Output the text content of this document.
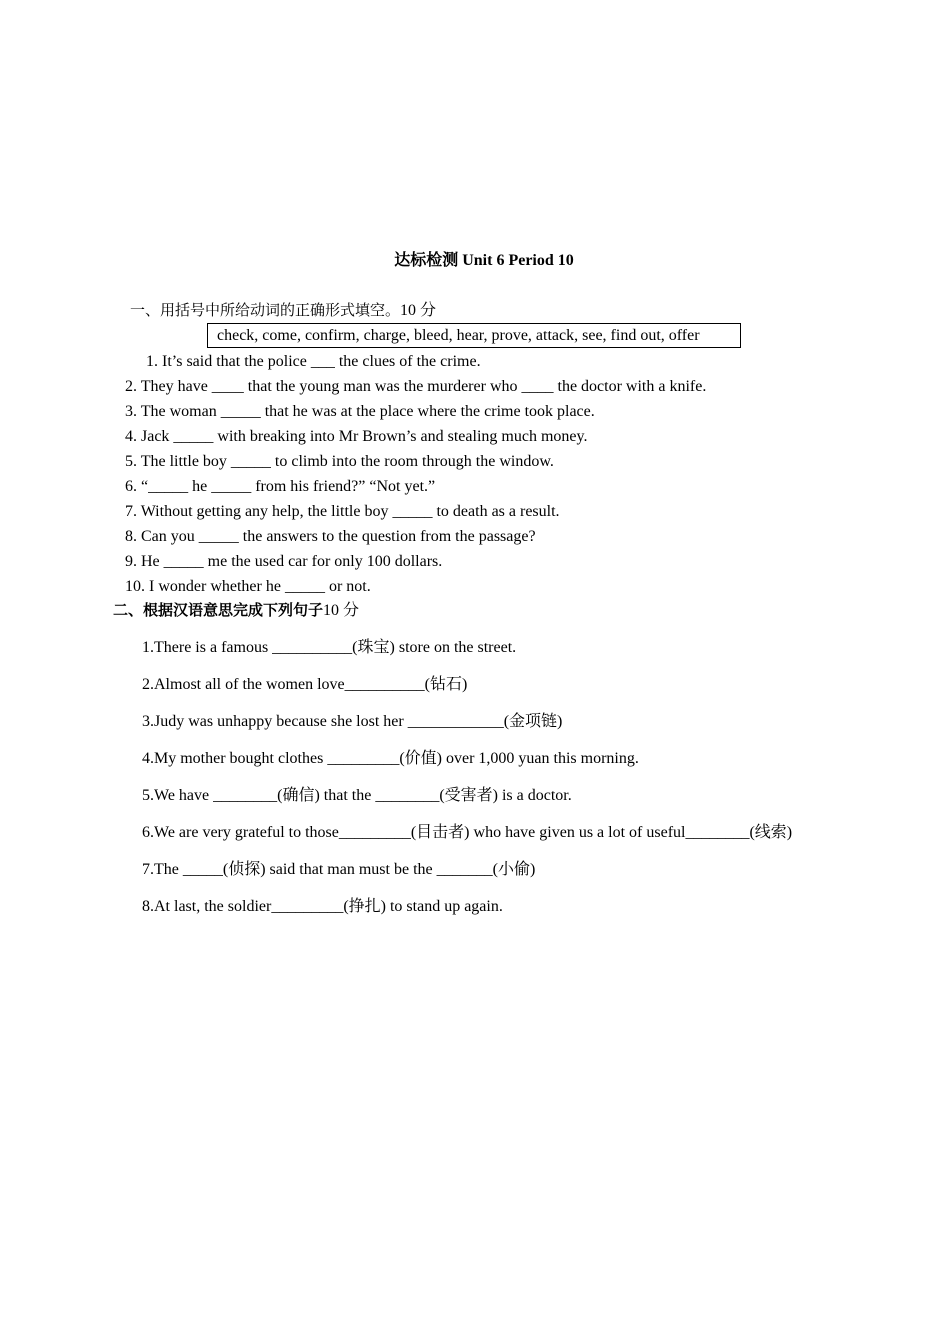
达标检测 Unit 6 Period 10
一、用括号中所给动词的正确形式填空。10 分
check, come, confirm, charge, bleed, hear, prove, attack, see, find out, offer
1. It’s said that the police ___ the clues of the crime.
2. They have ____ that the young man was the murderer who ____ the doctor with a knife.
3. The woman _____ that he was at the place where the crime took place.
4. Jack _____ with breaking into Mr Brown’s and stealing much money.
5. The little boy _____ to climb into the room through the window.
6. “_____ he _____ from his friend?” “Not yet.”
7. Without getting any help, the little boy _____ to death as a result.
8. Can you _____ the answers to the question from the passage?
9. He _____ me the used car for only 100 dollars.
10. I wonder whether he _____ or not.
二、根据汉语意思完成下列句子10 分
1.There is a famous __________(珠宝) store on the street.
2.Almost all of the women love__________(钻石)
3.Judy was unhappy because she lost her ____________(金项链)
4.My mother bought clothes _________(价值) over 1,000 yuan this morning.
5.We have ________(确信) that the ________(受害者) is a doctor.
6.We are very grateful to those_________(目击者) who have given us a lot of useful________(线索)
7.The _____(侦探) said that man must be the _______(小偷)
8.At last, the soldier_________(挣扎) to stand up again.
